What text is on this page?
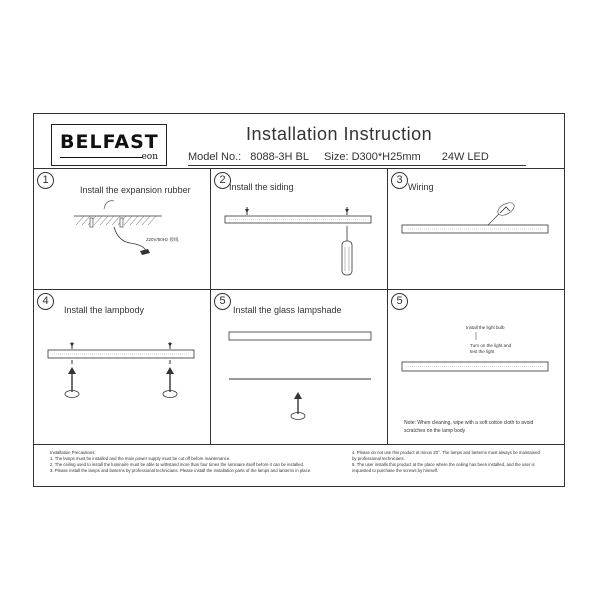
BELFAST
eon
Installation Instruction
Model No.: 8088-3H BL Size: D300*H25mm 24W LED
1
Install the expansion rubber
220V/50Hz 接线
2
Install the siding
3
Wiring
4
Install the lampbody
5
Install the glass lampshade
5
Install the light bulb
Turn on the light and
test the light
Note: When cleaning, wipe with a soft cotton cloth to avoid
scratches on the lamp body
Installation Precautions:
1. The lamps must be installed and the main power supply must be cut off before maintenance.
2. The ceiling used to install the luminaire must be able to withstand more than four times the luminaire itself before it can be installed.
3. Please install the lamps and lanterns by professional technicians. Please install the installation parts of the lamps and lanterns in place.
4. Please do not use this product at minus 20°. The lamps and lanterns must always be maintained
by professional technicians.
5. The user installs this product at the place where the ceiling has been installed, and the user is
requested to purchase the screws by himself.
